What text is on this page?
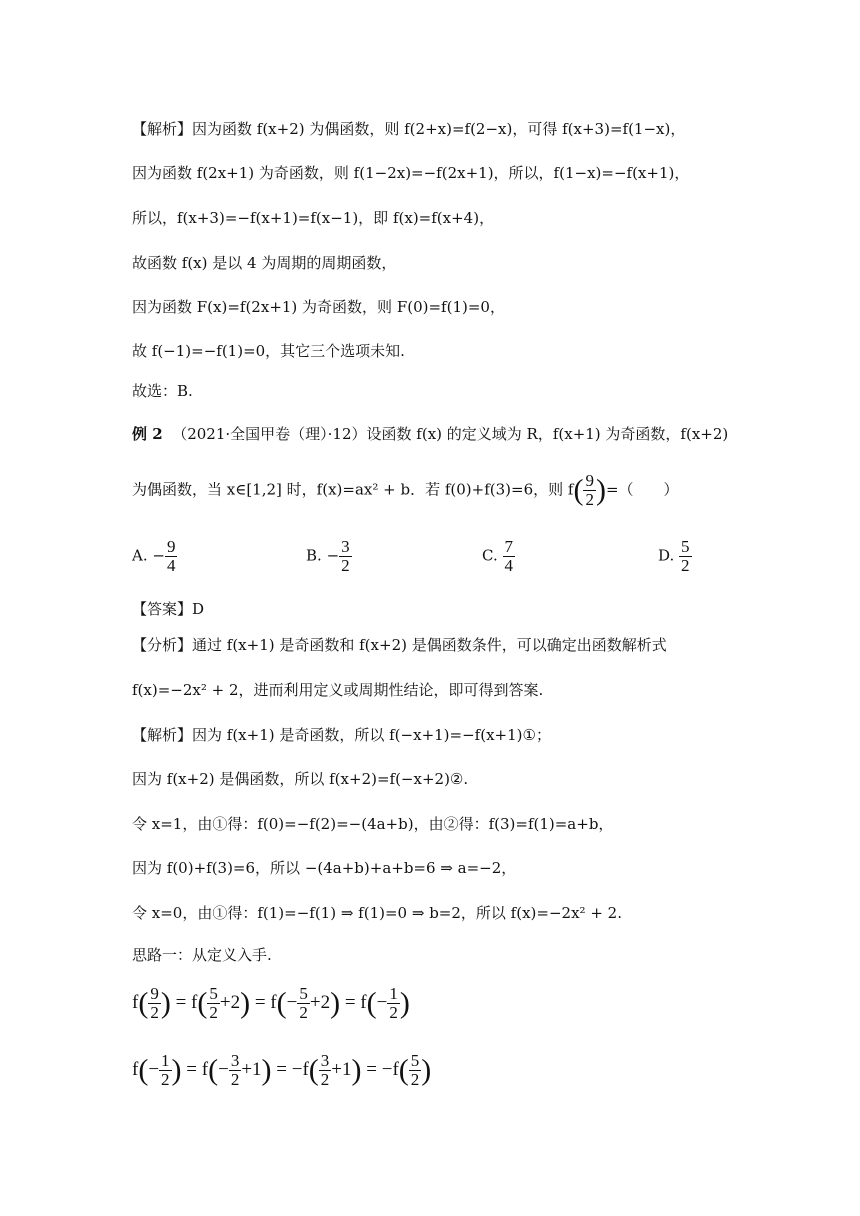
【解析】因为函数 f(x+2) 为偶函数，则 f(2+x)=f(2−x)，可得 f(x+3)=f(1−x)，
因为函数 f(2x+1) 为奇函数，则 f(1−2x)=−f(2x+1)，所以，f(1−x)=−f(x+1)，
所以，f(x+3)=−f(x+1)=f(x−1)，即 f(x)=f(x+4)，
故函数 f(x) 是以 4 为周期的周期函数，
因为函数 F(x)=f(2x+1) 为奇函数，则 F(0)=f(1)=0，
故 f(−1)=−f(1)=0，其它三个选项未知.
故选：B.
例 2 （2021·全国甲卷（理）·12）设函数 f(x) 的定义域为 R，f(x+1) 为奇函数，f(x+2)
为偶函数，当 x∈[1,2] 时，f(x)=ax² + b．若 f(0)+f(3)=6，则 $f( \frac{9}{2}$ )=（　　）
A. − $\frac{9}{4}$	B. − $\frac{3}{2}$	C. $\frac{7}{4}$	D. $\frac{5}{2}$
【答案】D
【分析】通过 f(x+1) 是奇函数和 f(x+2) 是偶函数条件，可以确定出函数解析式
f(x)=−2x² + 2，进而利用定义或周期性结论，即可得到答案.
【解析】因为 f(x+1) 是奇函数，所以 f(−x+1)=−f(x+1)①；
因为 f(x+2) 是偶函数，所以 f(x+2)=f(−x+2)②.
令 x=1，由①得：f(0)=−f(2)=−(4a+b)，由②得：f(3)=f(1)=a+b，
因为 f(0)+f(3)=6，所以 −(4a+b)+a+b=6 ⇒ a=−2，
令 x=0，由①得：f(1)=−f(1) ⇒ f(1)=0 ⇒ b=2，所以 f(x)=−2x² + 2.
思路一：从定义入手.
$f( \frac{9}{2}$ ) = $f( \frac{5}{2} +2) = f(- \frac{5}{2} +2) = f(- \frac{1}{2}$ )
$f(- \frac{1}{2}$ ) = $f(- \frac{3}{2} +1) = -f( \frac{3}{2} +1) = -f( \frac{5}{2}$ )
